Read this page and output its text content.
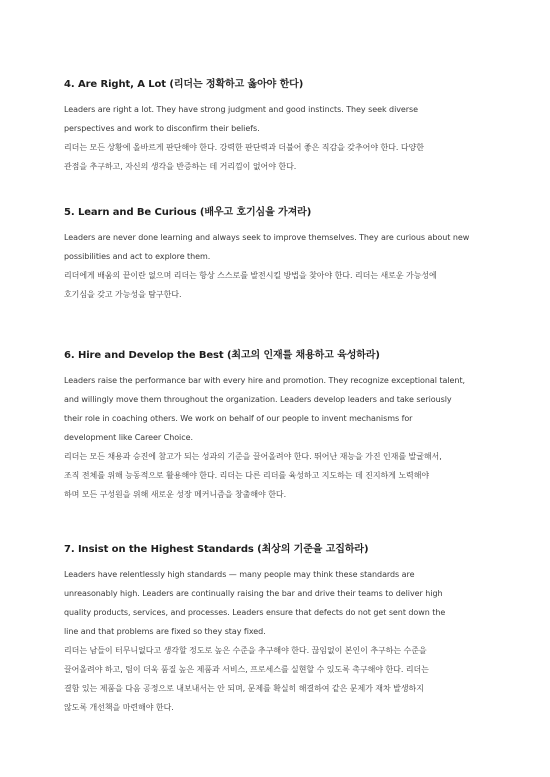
4. Are Right, A Lot (리더는 정확하고 옳아야 한다)

Leaders are right a lot. They have strong judgment and good instincts. They seek diverse

perspectives and work to disconfirm their beliefs.

리더는 모든 상황에 올바르게 판단해야 한다. 강력한 판단력과 더불어 좋은 직감을 갖추어야 한다. 다양한

관점을 추구하고, 자신의 생각을 반증하는 데 거리낌이 없어야 한다.

5. Learn and Be Curious (배우고 호기심을 가져라)

Leaders are never done learning and always seek to improve themselves. They are curious about new

possibilities and act to explore them.

리더에게 배움의 끝이란 없으며 리더는 항상 스스로를 발전시킬 방법을 찾아야 한다. 리더는 새로운 가능성에

호기심을 갖고 가능성을 탐구한다.

6. Hire and Develop the Best (최고의 인재를 채용하고 육성하라)

Leaders raise the performance bar with every hire and promotion. They recognize exceptional talent,

and willingly move them throughout the organization. Leaders develop leaders and take seriously

their role in coaching others. We work on behalf of our people to invent mechanisms for

development like Career Choice.

리더는 모든 채용과 승진에 참고가 되는 성과의 기준을 끌어올려야 한다. 뛰어난 재능을 가진 인재를 발굴해서,

조직 전체를 위해 능동적으로 활용해야 한다. 리더는 다른 리더를 육성하고 지도하는 데 진지하게 노력해야

하며 모든 구성원을 위해 새로운 성장 메커니즘을 창출해야 한다.

7. Insist on the Highest Standards (최상의 기준을 고집하라)

Leaders have relentlessly high standards — many people may think these standards are

unreasonably high. Leaders are continually raising the bar and drive their teams to deliver high

quality products, services, and processes. Leaders ensure that defects do not get sent down the

line and that problems are fixed so they stay fixed.

리더는 남들이 터무니없다고 생각할 정도로 높은 수준을 추구해야 한다. 끊임없이 본인이 추구하는 수준을

끌어올려야 하고, 팀이 더욱 품질 높은 제품과 서비스, 프로세스를 실현할 수 있도록 촉구해야 한다. 리더는

결함 있는 제품을 다음 공정으로 내보내서는 안 되며, 문제를 확실히 해결하여 같은 문제가 재차 발생하지

않도록 개선책을 마련해야 한다.
